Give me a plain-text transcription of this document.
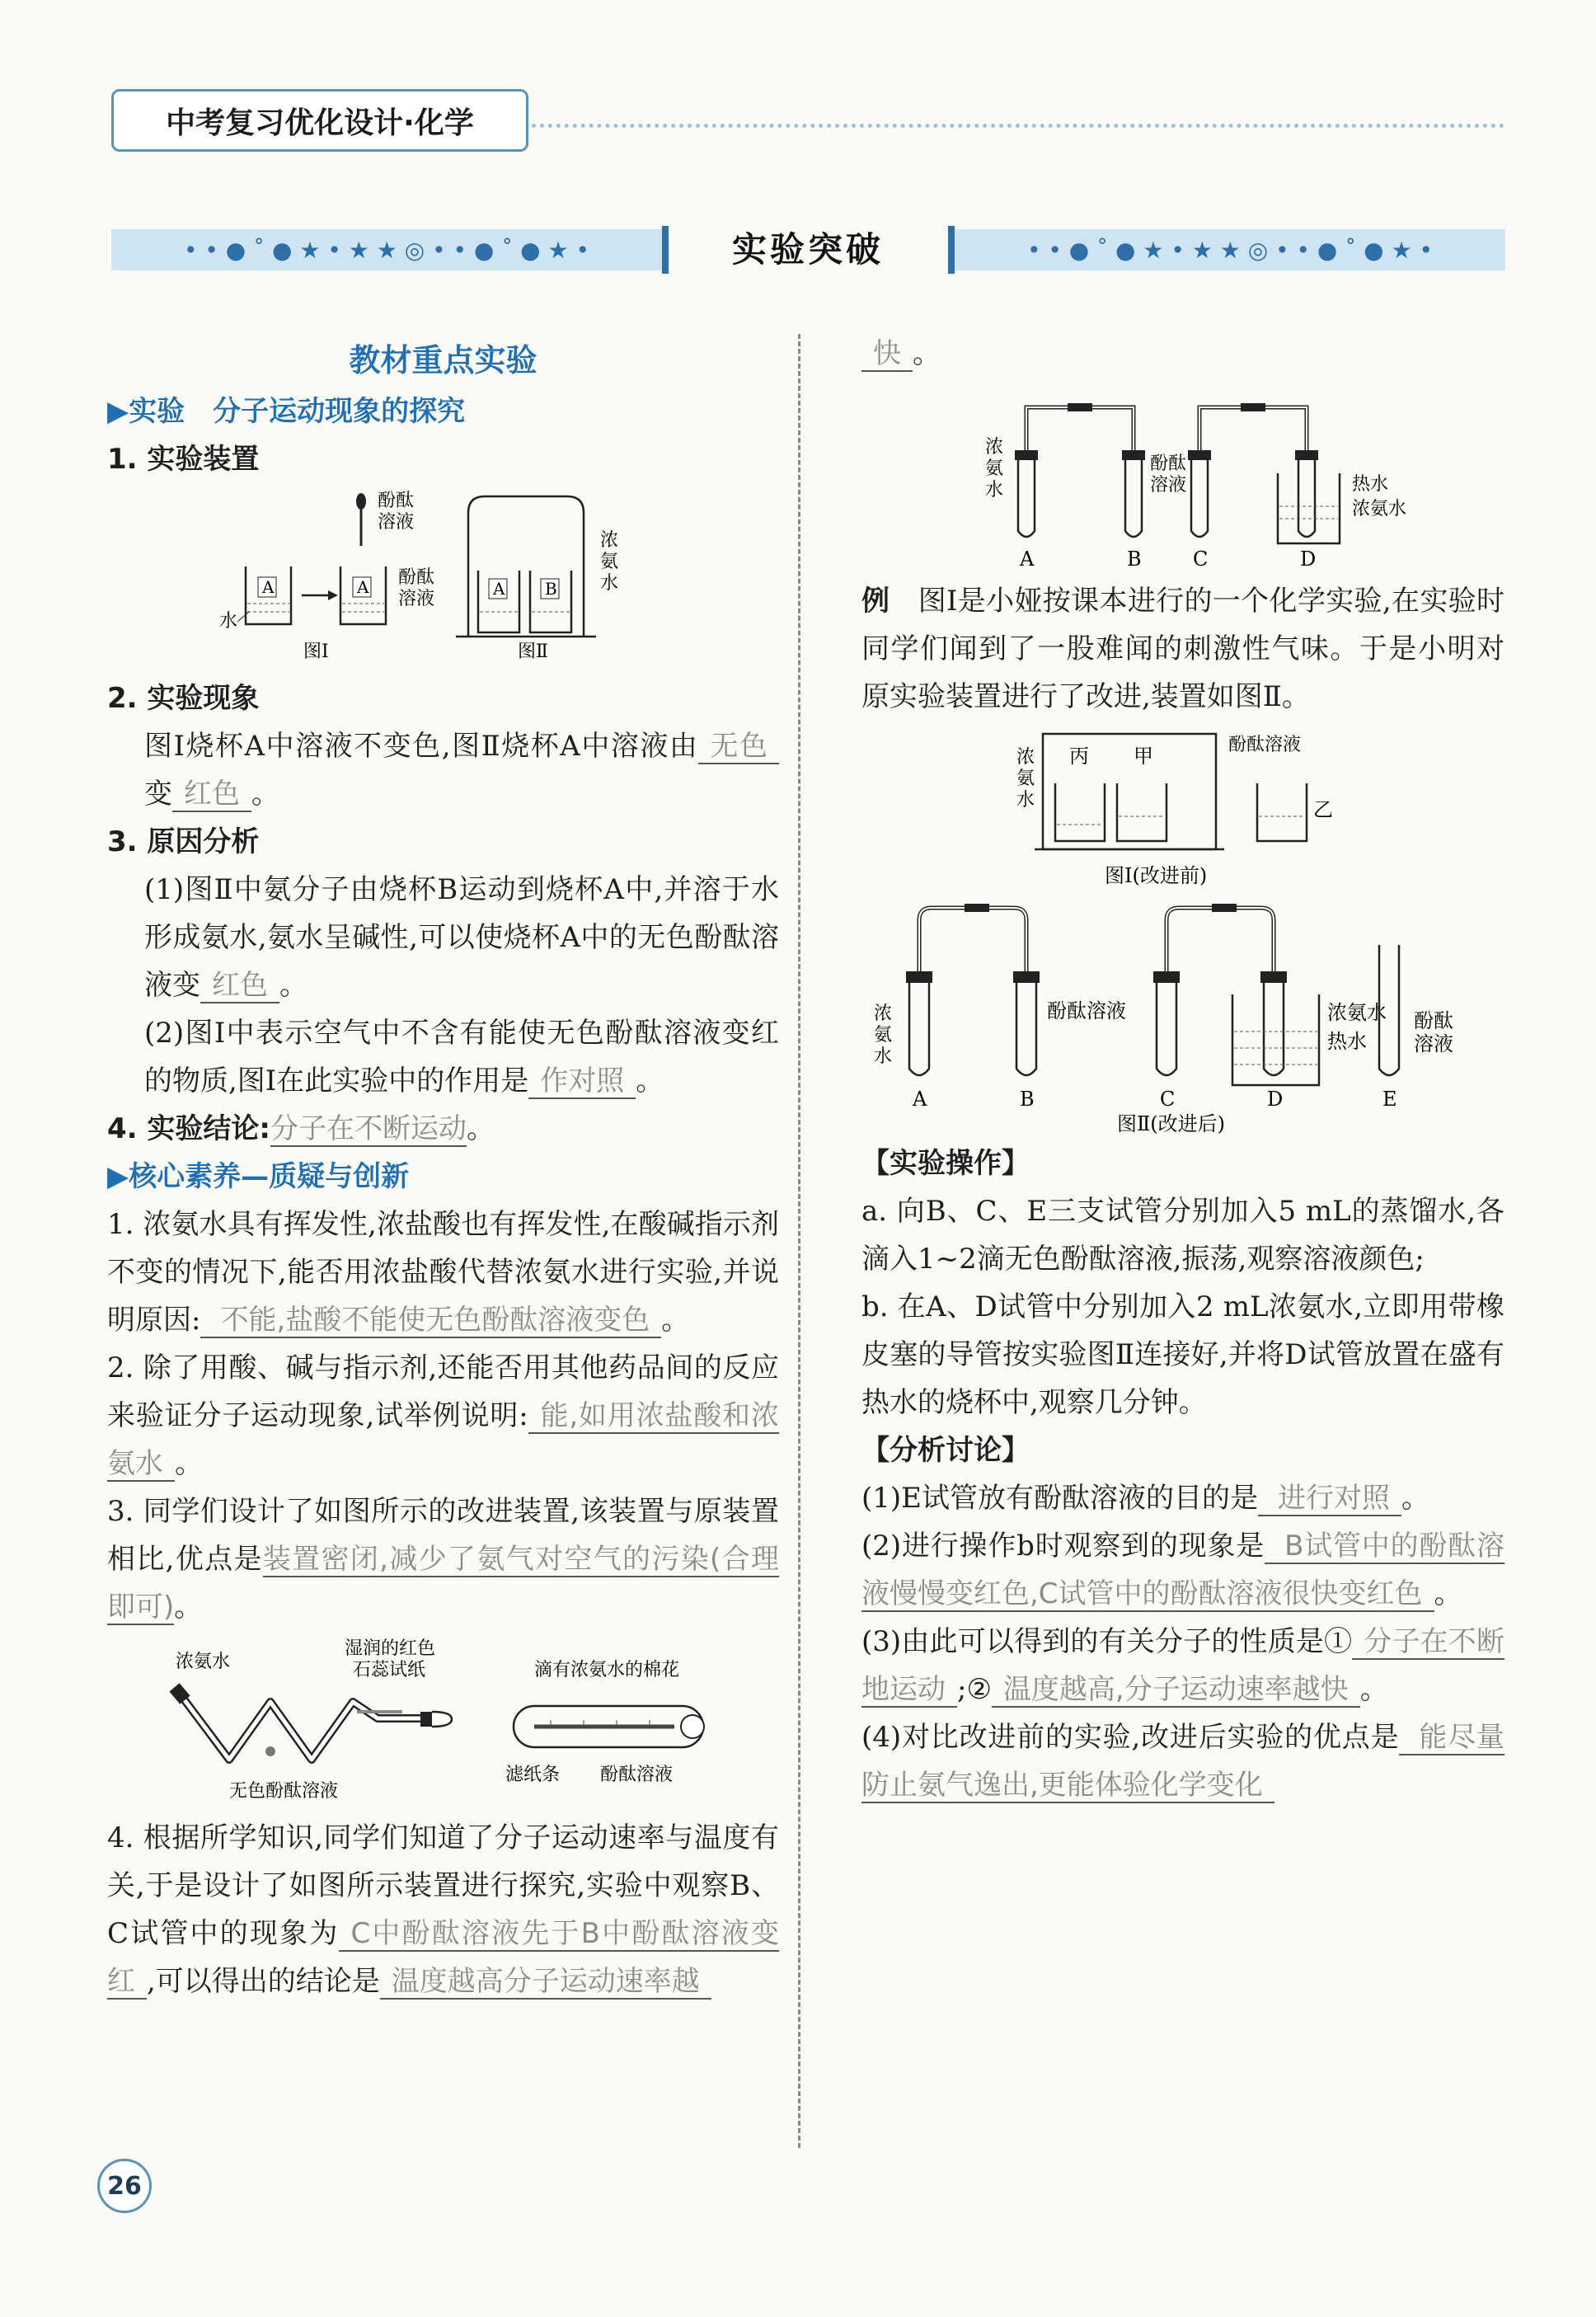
中考复习优化设计·化学
• • ● ˚ ● ★ • ★ ★ ◎ • • ● ˚ ● ★ •	实验突破	• • ● ˚ ● ★ • ★ ★ ◎ • • ● ˚ ● ★ •
教材重点实验
▶实验　分子运动现象的探究
1. 实验装置
酚酞溶液
A
水
A 酚酞溶液
图Ⅰ
A B
浓氨水
图Ⅱ
2. 实验现象

图Ⅰ烧杯A中溶液不变色,图Ⅱ烧杯A中溶液由 无色变 红色 。

3. 原因分析

(1)图Ⅱ中氨分子由烧杯B运动到烧杯A中,并溶于水形成氨水,氨水呈碱性,可以使烧杯A中的无色酚酞溶液变 红色 。

(2)图Ⅰ中表示空气中不含有能使无色酚酞溶液变红的物质,图Ⅰ在此实验中的作用是 作对照 。

4. 实验结论:分子在不断运动。

▶核心素养—质疑与创新

1. 浓氨水具有挥发性,浓盐酸也有挥发性,在酸碱指示剂不变的情况下,能否用浓盐酸代替浓氨水进行实验,并说明原因: 不能,盐酸不能使无色酚酞溶液变色 。

2. 除了用酸、碱与指示剂,还能否用其他药品间的反应来验证分子运动现象,试举例说明: 能,如用浓盐酸和浓氨水 。

3. 同学们设计了如图所示的改进装置,该装置与原装置相比,优点是装置密闭,减少了氨气对空气的污染(合理即可)。

浓氨水
湿润的红色石蕊试纸
无色酚酞溶液
滴有浓氨水的棉花
滤纸条 酚酞溶液

4. 根据所学知识,同学们知道了分子运动速率与温度有关,于是设计了如图所示装置进行探究,实验中观察B、C试管中的现象为 C中酚酞溶液先于B中酚酞溶液变红 ,可以得出的结论是 温度越高分子运动速率越

快 。

浓氨水
酚酞溶液	热水
浓氨水
A	B	C	D

例　 图Ⅰ是小娅按课本进行的一个化学实验,在实验时同学们闻到了一股难闻的刺激性气味。于是小明对原实验装置进行了改进,装置如图Ⅱ。

浓氨水
丙 甲	酚酞溶液
乙
图Ⅰ(改进前)
浓氨水
酚酞溶液	浓氨水
热水
酚酞溶液
A	B	C	D	E
图Ⅱ(改进后)
【实验操作】

a. 向B、C、E三支试管分别加入5 mL的蒸馏水,各滴入1~2滴无色酚酞溶液,振荡,观察溶液颜色;

b. 在A、D试管中分别加入2 mL浓氨水,立即用带橡皮塞的导管按实验图Ⅱ连接好,并将D试管放置在盛有热水的烧杯中,观察几分钟。

【分析讨论】

(1)E试管放有酚酞溶液的目的是 进行对照 。

(2)进行操作b时观察到的现象是 B试管中的酚酞溶液慢慢变红色,C试管中的酚酞溶液很快变红色 。

(3)由此可以得到的有关分子的性质是① 分子在不断地运动 ;② 温度越高,分子运动速率越快 。

(4)对比改进前的实验,改进后实验的优点是 能尽量防止氨气逸出,更能体验化学变化

26
